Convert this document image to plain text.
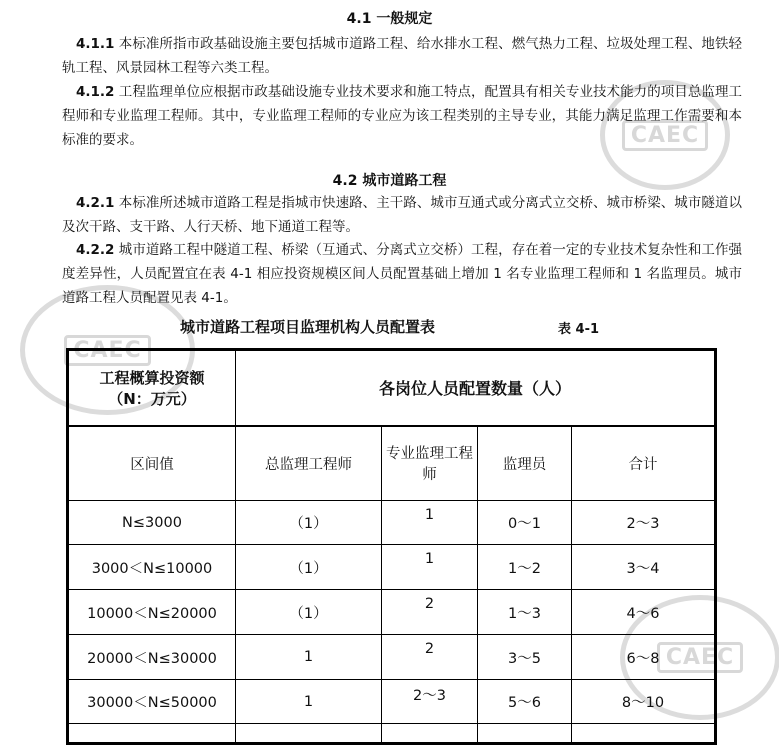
CAEC
CAEC
CAEC
4.1 一般规定
4.1.1 本标准所指市政基础设施主要包括城市道路工程、给水排水工程、燃气热力工程、垃圾处理工程、地铁轻轨工程、风景园林工程等六类工程。
4.1.2 工程监理单位应根据市政基础设施专业技术要求和施工特点，配置具有相关专业技术能力的项目总监理工程师和专业监理工程师。其中，专业监理工程师的专业应为该工程类别的主导专业，其能力满足监理工作需要和本标准的要求。
4.2 城市道路工程
4.2.1 本标准所述城市道路工程是指城市快速路、主干路、城市互通式或分离式立交桥、城市桥梁、城市隧道以及次干路、支干路、人行天桥、地下通道工程等。
4.2.2 城市道路工程中隧道工程、桥梁（互通式、分离式立交桥）工程，存在着一定的专业技术复杂性和工作强度差异性，人员配置宜在表 4-1 相应投资规模区间人员配置基础上增加 1 名专业监理工程师和 1 名监理员。城市道路工程人员配置见表 4-1。
城市道路工程项目监理机构人员配置表	表 4-1
工程概算投资额
（N：万元）	各岗位人员配置数量（人）			
区间值	总监理工程师	专业监理工程师	监理员	合计
N≤3000	（1）	1	0～1	2～3
3000＜N≤10000	（1）	1	1～2	3～4
10000＜N≤20000	（1）	2	1～3	4～6
20000＜N≤30000	1	2	3～5	6～8
30000＜N≤50000	1	2～3	5～6	8～10
